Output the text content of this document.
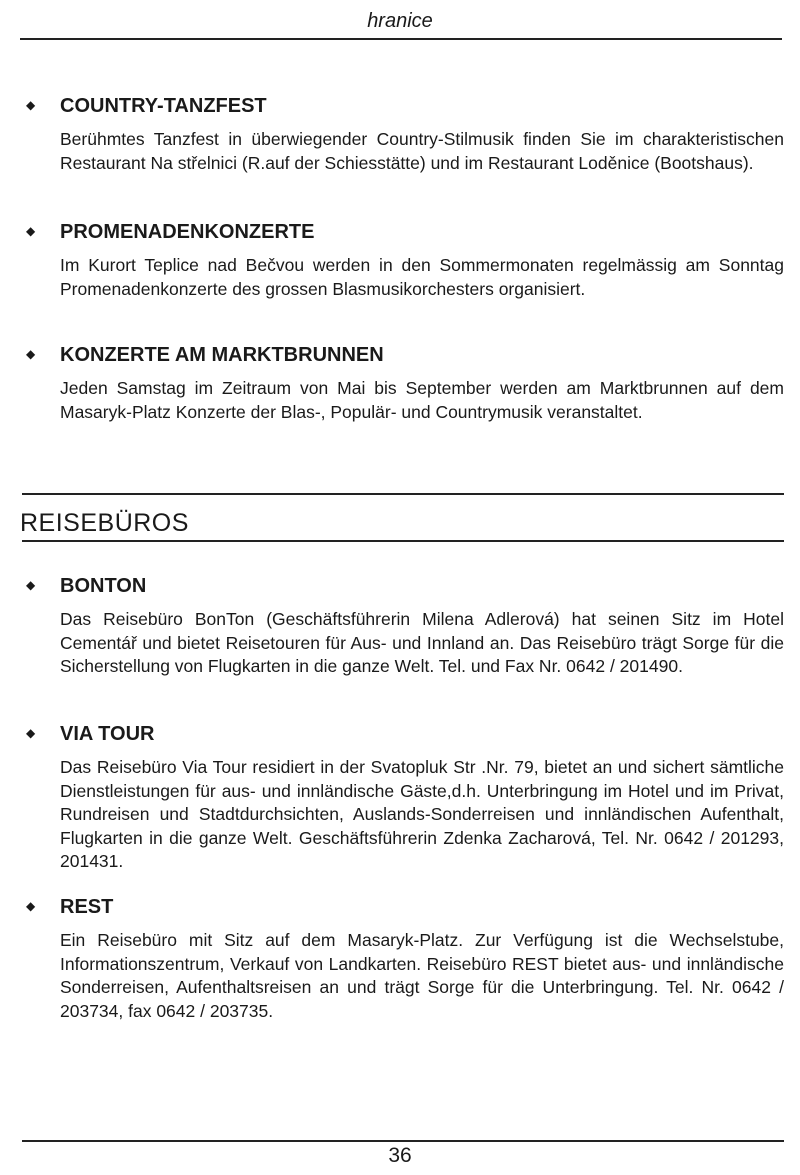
hranice

◆ COUNTRY-TANZFEST

Berühmtes Tanzfest in überwiegender Country-Stilmusik finden Sie im charakteristischen Restaurant Na střelnici (R.auf der Schiesstätte) und im Restaurant Loděnice (Bootshaus).

◆ PROMENADENKONZERTE

Im Kurort Teplice nad Bečvou werden in den Sommermonaten regelmässig am Sonntag Promenadenkonzerte des grossen Blasmusikorchesters organisiert.

◆ KONZERTE AM MARKTBRUNNEN

Jeden Samstag im Zeitraum von Mai bis September werden am Marktbrunnen auf dem Masaryk-Platz Konzerte der Blas-, Populär- und Countrymusik veranstaltet.

REISEBÜROS

◆ BONTON

Das Reisebüro BonTon (Geschäftsführerin Milena Adlerová) hat seinen Sitz im Hotel Cementář und bietet Reisetouren für Aus- und Innland an. Das Reisebüro trägt Sorge für die Sicherstellung von Flugkarten in die ganze Welt. Tel. und Fax Nr. 0642 / 201490.

◆ VIA TOUR

Das Reisebüro Via Tour residiert in der Svatopluk Str .Nr. 79, bietet an und sichert sämtliche Dienstleistungen für aus- und innländische Gäste,d.h. Unterbringung im Hotel und im Privat, Rundreisen und Stadtdurchsichten, Auslands-Sonderreisen und innländischen Aufenthalt, Flugkarten in die ganze Welt. Geschäftsführerin Zdenka Zacharová, Tel. Nr. 0642 / 201293, 201431.

◆ REST

Ein Reisebüro mit Sitz auf dem Masaryk-Platz. Zur Verfügung ist die Wechselstube, Informationszentrum, Verkauf von Landkarten. Reisebüro REST bietet aus- und innländische Sonderreisen, Aufenthaltsreisen an und trägt Sorge für die Unterbringung. Tel. Nr. 0642 / 203734, fax 0642 / 203735.

36
